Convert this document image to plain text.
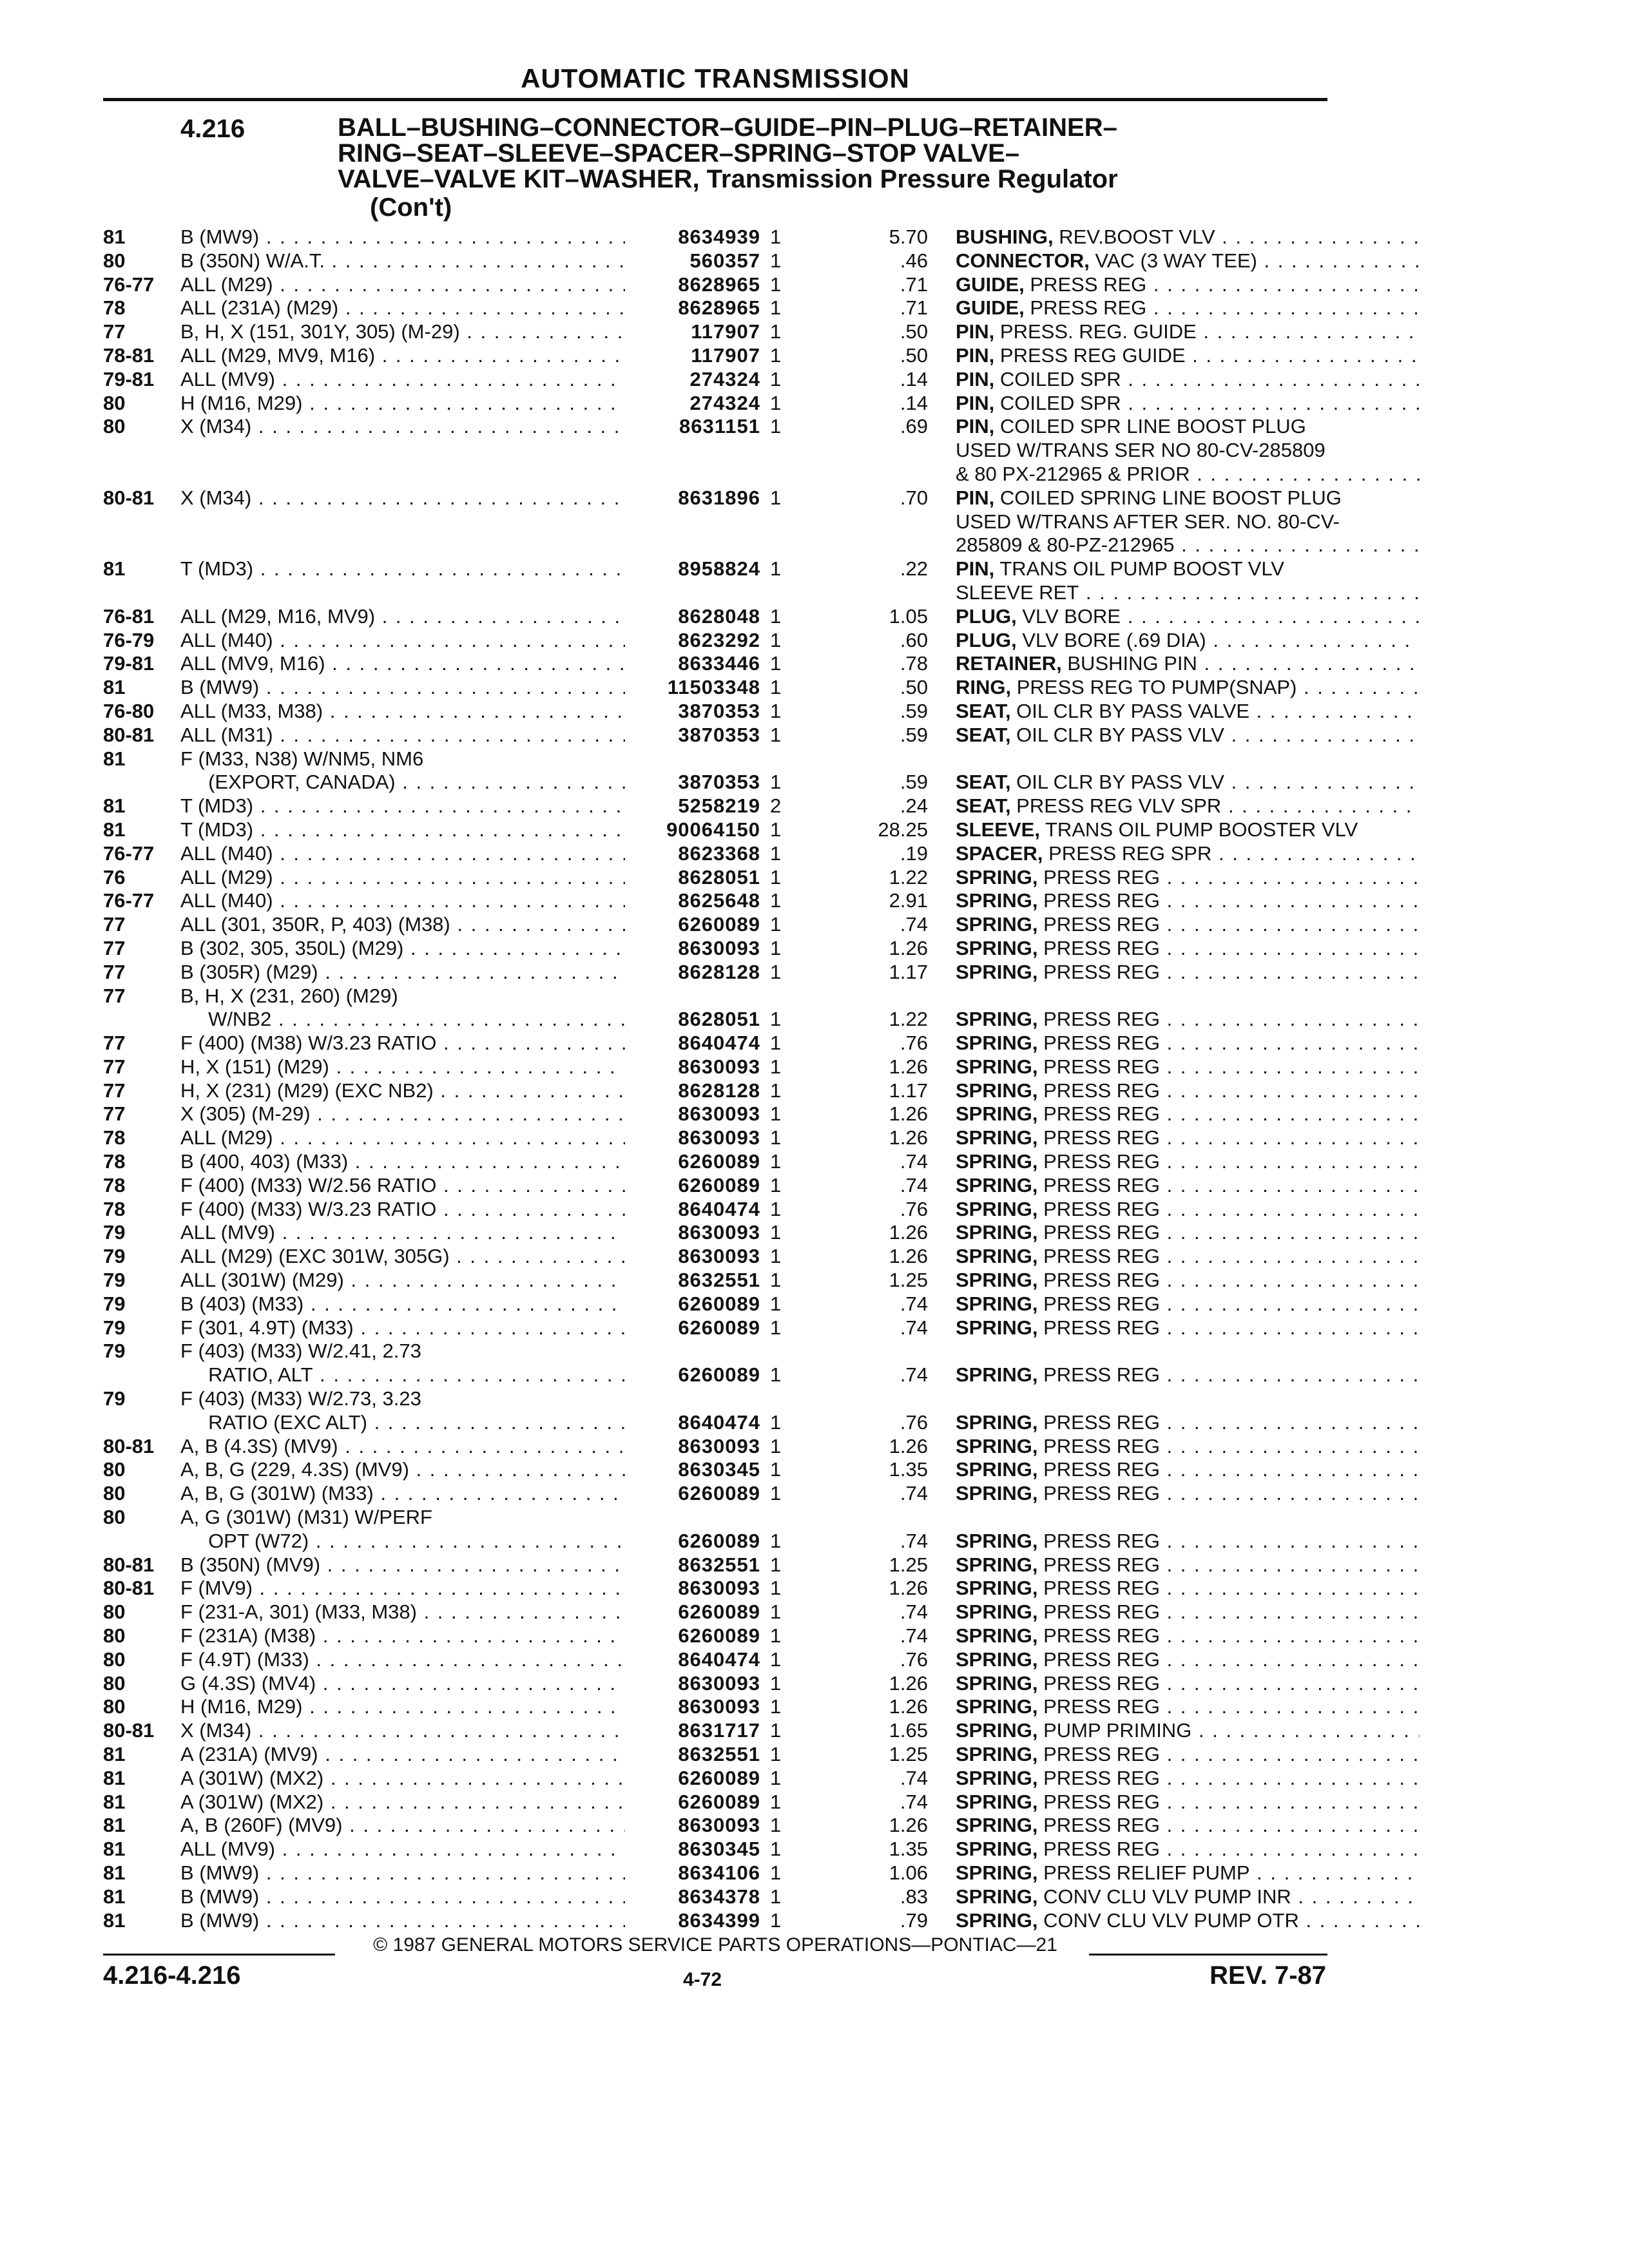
AUTOMATIC TRANSMISSION
4.216	BALL–BUSHING–CONNECTOR–GUIDE–PIN–PLUG–RETAINER–
RING–SEAT–SLEEVE–SPACER–SPRING–STOP VALVE–
VALVE–VALVE KIT–WASHER, Transmission Pressure Regulator
(Con't)
81	B (MW9) . . .	8634939 1	5.70 BUSHING, REV.BOOST VLV . . .
80	B (350N) W/A.T. . . .	560357 1	.46 CONNECTOR, VAC (3 WAY TEE) . . .
76-77	ALL (M29) . . .	8628965 1	.71 GUIDE, PRESS REG . . .
78	ALL (231A) (M29) . . .	8628965 1	.71 GUIDE, PRESS REG . . .
77	B, H, X (151, 301Y, 305) (M-29) . . .	117907 1	.50 PIN, PRESS. REG. GUIDE . . .
78-81	ALL (M29, MV9, M16) . . .	117907 1	.50 PIN, PRESS REG GUIDE . . .
79-81	ALL (MV9) . . .	274324 1	.14 PIN, COILED SPR . . .
80	H (M16, M29) . . .	274324 1	.14 PIN, COILED SPR . . .
80	X (M34) . . .	8631151 1	.69 PIN, COILED SPR LINE BOOST PLUG
USED W/TRANS SER NO 80-CV-285809
& 80 PX-212965 & PRIOR . . .
80-81	X (M34) . . .	8631896 1	.70 PIN, COILED SPRING LINE BOOST PLUG
USED W/TRANS AFTER SER. NO. 80-CV-
285809 & 80-PZ-212965 . . .
81	T (MD3) . . .	8958824 1	.22 PIN, TRANS OIL PUMP BOOST VLV
SLEEVE RET . . .
76-81	ALL (M29, M16, MV9) . . .	8628048 1	1.05 PLUG, VLV BORE . . .
76-79	ALL (M40) . . .	8623292 1	.60 PLUG, VLV BORE (.69 DIA) . . .
79-81	ALL (MV9, M16) . . .	8633446 1	.78 RETAINER, BUSHING PIN . . .
81	B (MW9) . . .	11503348 1	.50 RING, PRESS REG TO PUMP(SNAP) . . .
76-80	ALL (M33, M38) . . .	3870353 1	.59 SEAT, OIL CLR BY PASS VALVE . . .
80-81	ALL (M31) . . .	3870353 1	.59 SEAT, OIL CLR BY PASS VLV . . .
81	F (M33, N38) W/NM5, NM6
(EXPORT, CANADA) . . .	3870353 1	.59 SEAT, OIL CLR BY PASS VLV . . .
81	T (MD3) . . .	5258219 2	.24 SEAT, PRESS REG VLV SPR . . .
81	T (MD3) . . .	90064150 1	28.25 SLEEVE, TRANS OIL PUMP BOOSTER VLV
76-77	ALL (M40) . . .	8623368 1	.19 SPACER, PRESS REG SPR . . .
76	ALL (M29) . . .	8628051 1	1.22 SPRING, PRESS REG . . .
76-77	ALL (M40) . . .	8625648 1	2.91 SPRING, PRESS REG . . .
77	ALL (301, 350R, P, 403) (M38) . . .	6260089 1	.74 SPRING, PRESS REG . . .
77	B (302, 305, 350L) (M29) . . .	8630093 1	1.26 SPRING, PRESS REG . . .
77	B (305R) (M29) . . .	8628128 1	1.17 SPRING, PRESS REG . . .
77	B, H, X (231, 260) (M29)
W/NB2 . . .	8628051 1	1.22 SPRING, PRESS REG . . .
77	F (400) (M38) W/3.23 RATIO . . .	8640474 1	.76 SPRING, PRESS REG . . .
77	H, X (151) (M29) . . .	8630093 1	1.26 SPRING, PRESS REG . . .
77	H, X (231) (M29) (EXC NB2) . . .	8628128 1	1.17 SPRING, PRESS REG . . .
77	X (305) (M-29) . . .	8630093 1	1.26 SPRING, PRESS REG . . .
78	ALL (M29) . . .	8630093 1	1.26 SPRING, PRESS REG . . .
78	B (400, 403) (M33) . . .	6260089 1	.74 SPRING, PRESS REG . . .
78	F (400) (M33) W/2.56 RATIO . . .	6260089 1	.74 SPRING, PRESS REG . . .
78	F (400) (M33) W/3.23 RATIO . . .	8640474 1	.76 SPRING, PRESS REG . . .
79	ALL (MV9) . . .	8630093 1	1.26 SPRING, PRESS REG . . .
79	ALL (M29) (EXC 301W, 305G) . . .	8630093 1	1.26 SPRING, PRESS REG . . .
79	ALL (301W) (M29) . . .	8632551 1	1.25 SPRING, PRESS REG . . .
79	B (403) (M33) . . .	6260089 1	.74 SPRING, PRESS REG . . .
79	F (301, 4.9T) (M33) . . .	6260089 1	.74 SPRING, PRESS REG . . .
79	F (403) (M33) W/2.41, 2.73
RATIO, ALT . . .	6260089 1	.74 SPRING, PRESS REG . . .
79	F (403) (M33) W/2.73, 3.23
RATIO (EXC ALT) . . .	8640474 1	.76 SPRING, PRESS REG . . .
80-81	A, B (4.3S) (MV9) . . .	8630093 1	1.26 SPRING, PRESS REG . . .
80	A, B, G (229, 4.3S) (MV9) . . .	8630345 1	1.35 SPRING, PRESS REG . . .
80	A, B, G (301W) (M33) . . .	6260089 1	.74 SPRING, PRESS REG . . .
80	A, G (301W) (M31) W/PERF
OPT (W72) . . .	6260089 1	.74 SPRING, PRESS REG . . .
80-81	B (350N) (MV9) . . .	8632551 1	1.25 SPRING, PRESS REG . . .
80-81	F (MV9) . . .	8630093 1	1.26 SPRING, PRESS REG . . .
80	F (231-A, 301) (M33, M38) . . .	6260089 1	.74 SPRING, PRESS REG . . .
80	F (231A) (M38) . . .	6260089 1	.74 SPRING, PRESS REG . . .
80	F (4.9T) (M33) . . .	8640474 1	.76 SPRING, PRESS REG . . .
80	G (4.3S) (MV4) . . .	8630093 1	1.26 SPRING, PRESS REG . . .
80	H (M16, M29) . . .	8630093 1	1.26 SPRING, PRESS REG . . .
80-81	X (M34) . . .	8631717 1	1.65 SPRING, PUMP PRIMING . . .
81	A (231A) (MV9) . . .	8632551 1	1.25 SPRING, PRESS REG . . .
81	A (301W) (MX2) . . .	6260089 1	.74 SPRING, PRESS REG . . .
81	A (301W) (MX2) . . .	6260089 1	.74 SPRING, PRESS REG . . .
81	A, B (260F) (MV9) . . .	8630093 1	1.26 SPRING, PRESS REG . . .
81	ALL (MV9) . . .	8630345 1	1.35 SPRING, PRESS REG . . .
81	B (MW9) . . .	8634106 1	1.06 SPRING, PRESS RELIEF PUMP . . .
81	B (MW9) . . .	8634378 1	.83 SPRING, CONV CLU VLV PUMP INR . . .
81	B (MW9) . . .	8634399 1	.79 SPRING, CONV CLU VLV PUMP OTR . . .
© 1987 GENERAL MOTORS SERVICE PARTS OPERATIONS—PONTIAC—21
4.216-4.216	4-72	REV. 7-87
